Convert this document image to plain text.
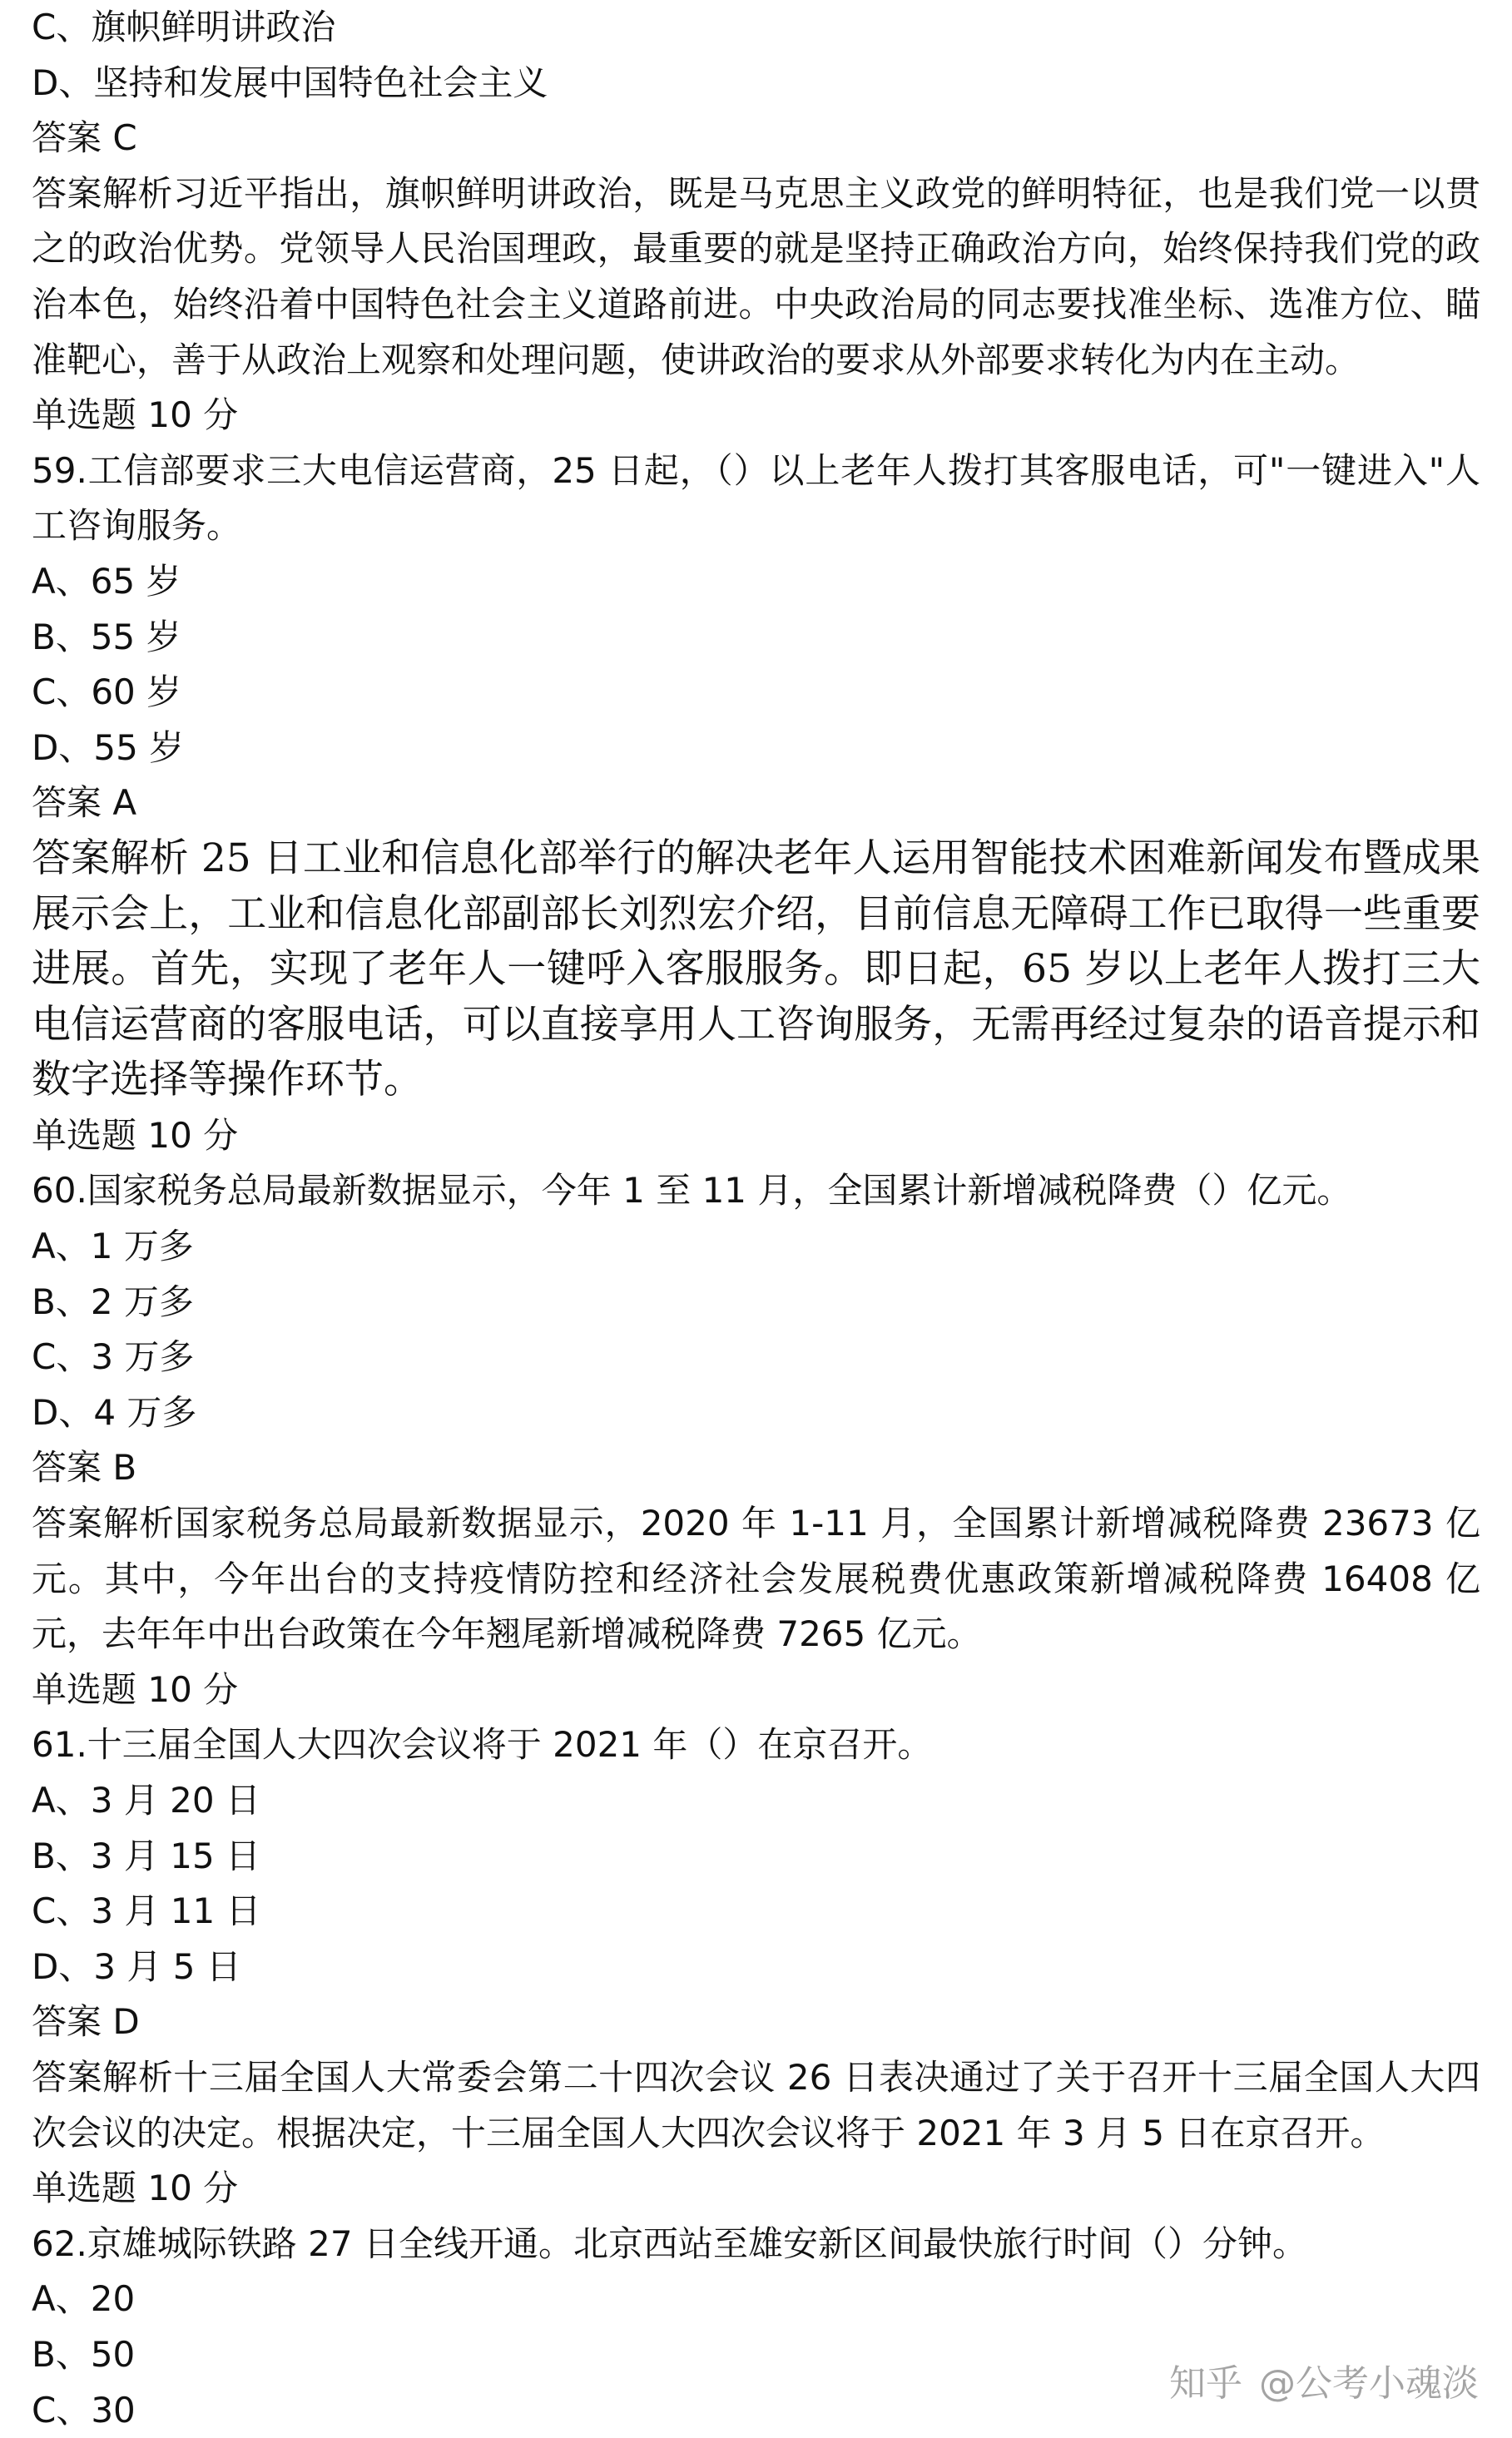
C、旗帜鲜明讲政治
D、坚持和发展中国特色社会主义
答案 C
答案解析习近平指出，旗帜鲜明讲政治，既是马克思主义政党的鲜明特征，也是我们党一以贯之的政治优势。党领导人民治国理政，最重要的就是坚持正确政治方向，始终保持我们党的政治本色，始终沿着中国特色社会主义道路前进。中央政治局的同志要找准坐标、选准方位、瞄准靶心，善于从政治上观察和处理问题，使讲政治的要求从外部要求转化为内在主动。
单选题 10 分
59.工信部要求三大电信运营商，25 日起，（）以上老年人拨打其客服电话，可"一键进入"人工咨询服务。
A、65 岁
B、55 岁
C、60 岁
D、55 岁
答案 A
答案解析 25 日工业和信息化部举行的解决老年人运用智能技术困难新闻发布暨成果展示会上，工业和信息化部副部长刘烈宏介绍，目前信息无障碍工作已取得一些重要进展。首先，实现了老年人一键呼入客服服务。即日起，65 岁以上老年人拨打三大电信运营商的客服电话，可以直接享用人工咨询服务，无需再经过复杂的语音提示和数字选择等操作环节。
单选题 10 分
60.国家税务总局最新数据显示，今年 1 至 11 月，全国累计新增减税降费（）亿元。
A、1 万多
B、2 万多
C、3 万多
D、4 万多
答案 B
答案解析国家税务总局最新数据显示，2020 年 1-11 月，全国累计新增减税降费 23673 亿元。其中，今年出台的支持疫情防控和经济社会发展税费优惠政策新增减税降费 16408 亿元，去年年中出台政策在今年翘尾新增减税降费 7265 亿元。
单选题 10 分
61.十三届全国人大四次会议将于 2021 年（）在京召开。
A、3 月 20 日
B、3 月 15 日
C、3 月 11 日
D、3 月 5 日
答案 D
答案解析十三届全国人大常委会第二十四次会议 26 日表决通过了关于召开十三届全国人大四次会议的决定。根据决定，十三届全国人大四次会议将于 2021 年 3 月 5 日在京召开。
单选题 10 分
62.京雄城际铁路 27 日全线开通。北京西站至雄安新区间最快旅行时间（）分钟。
A、20
B、50
C、30
知乎 @公考小魂淡
